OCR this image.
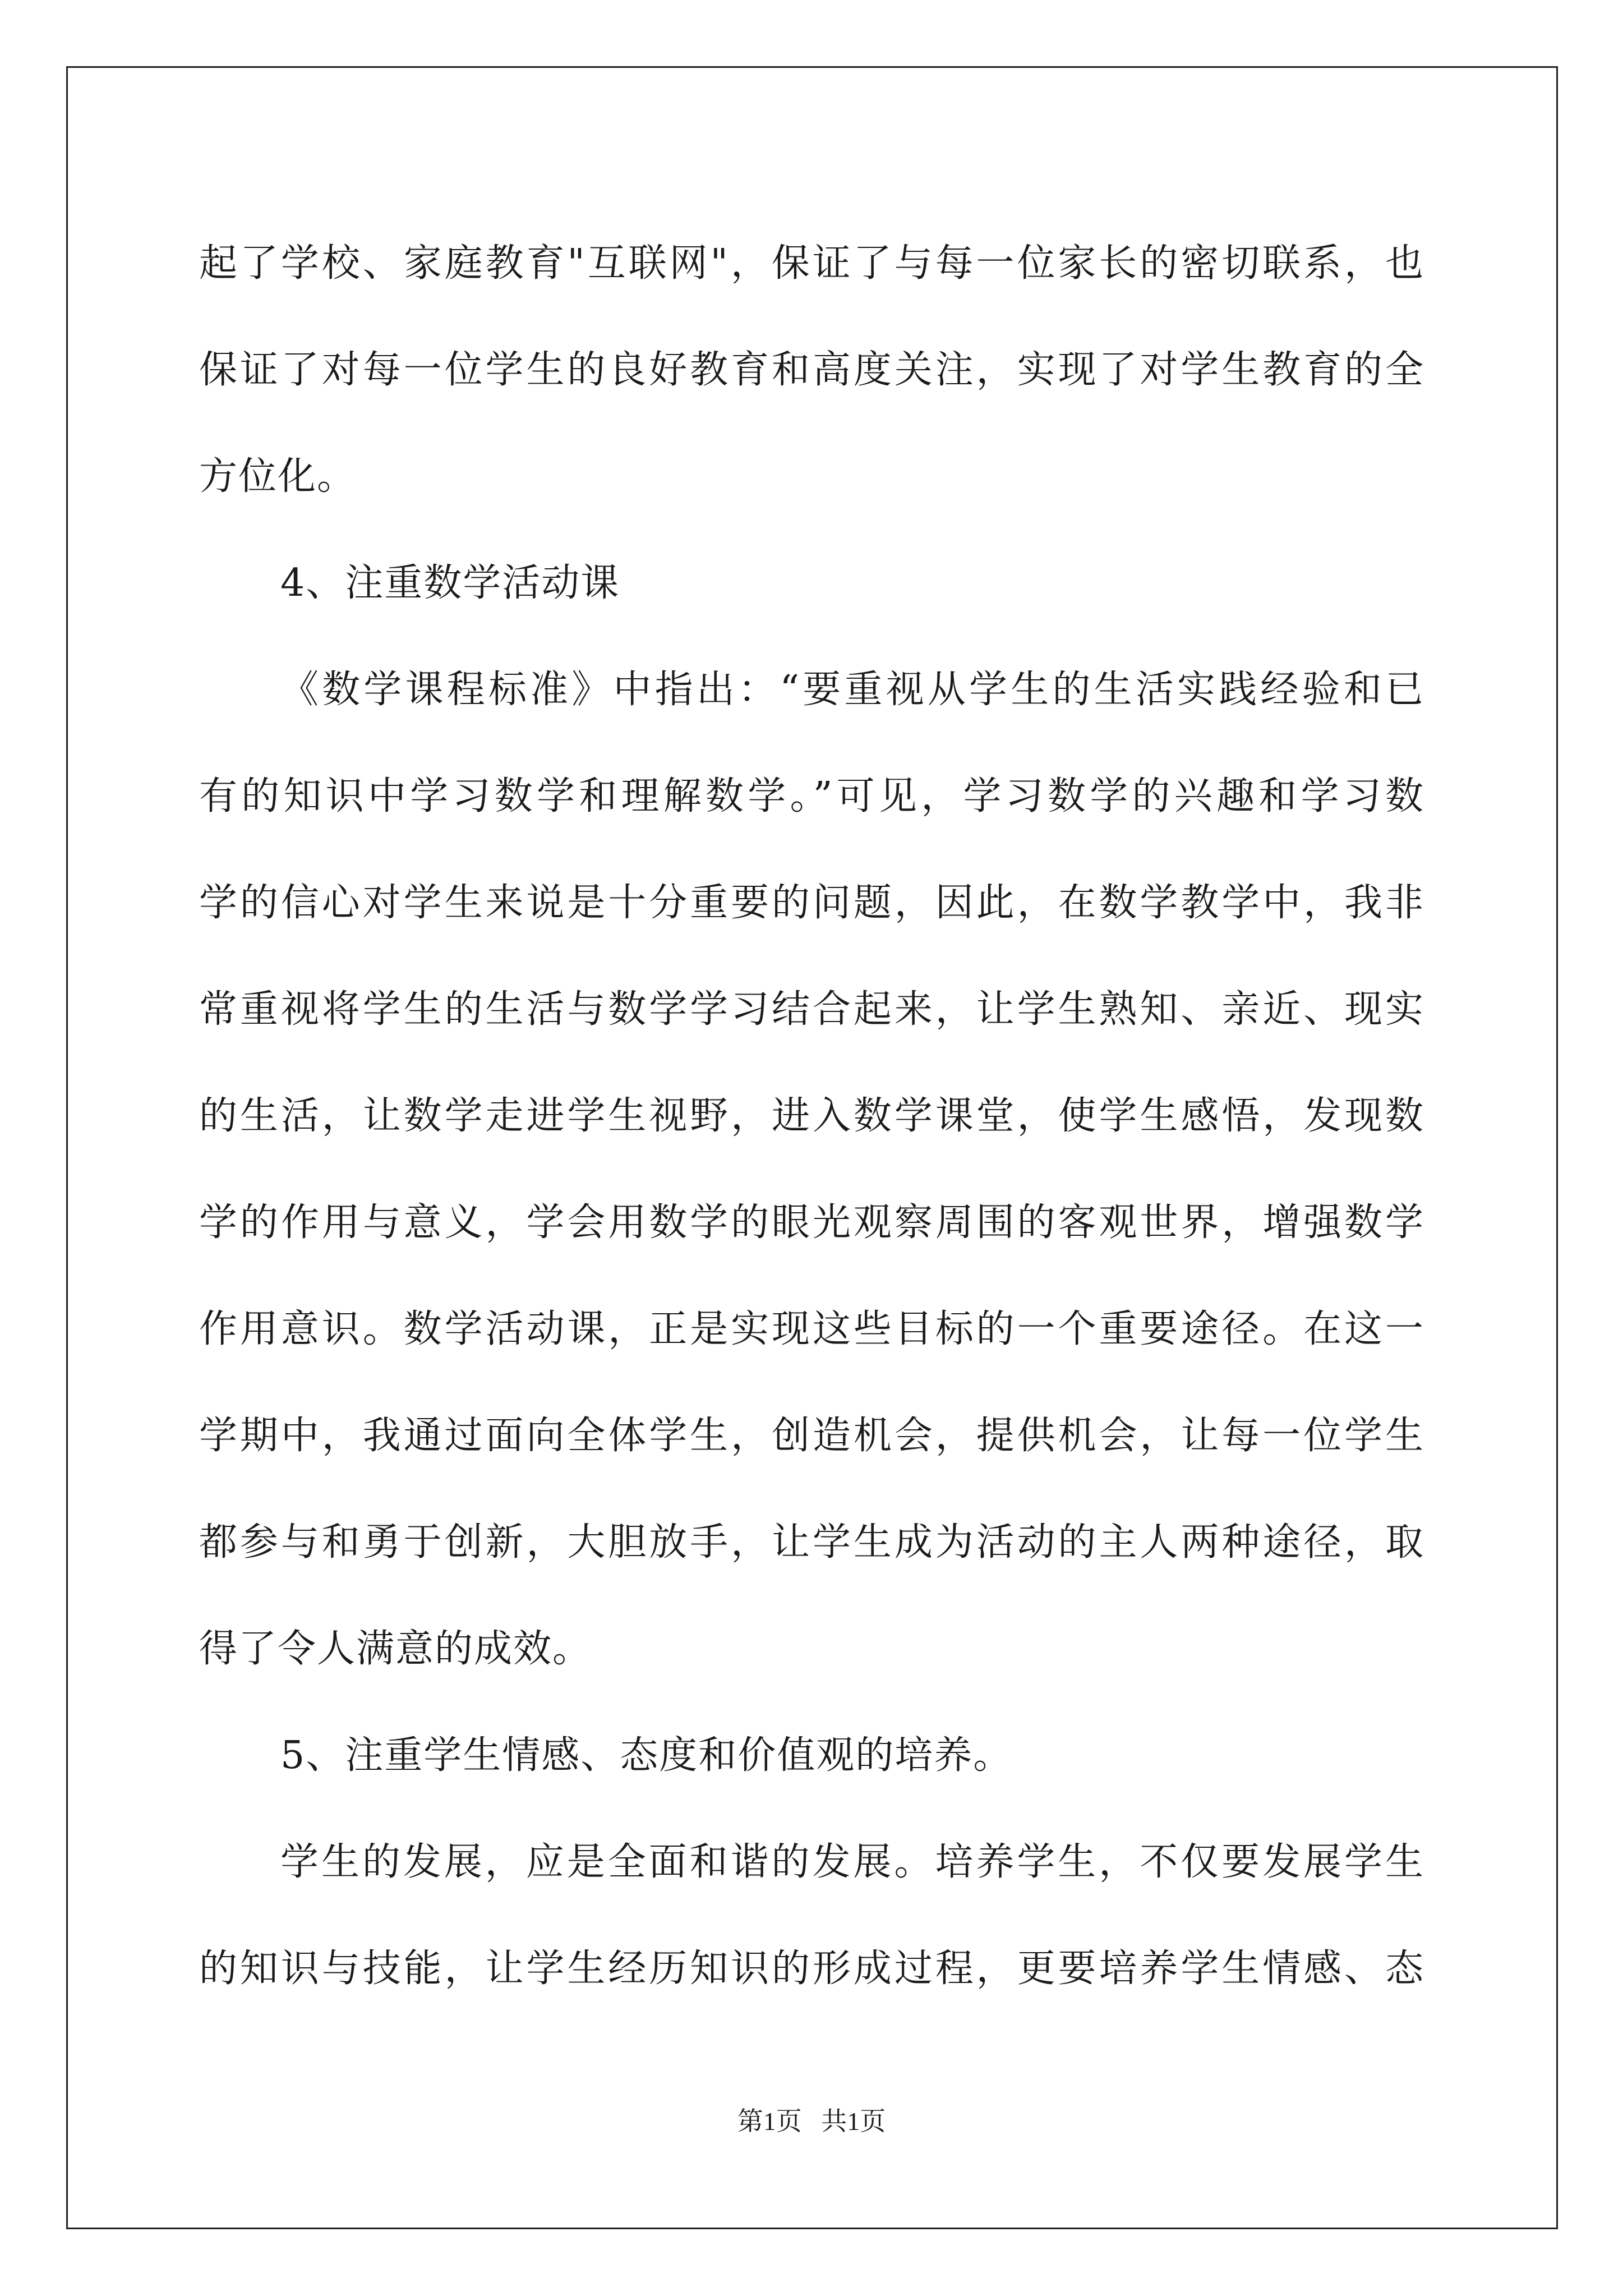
起了学校、家庭教育"互联网"，保证了与每一位家长的密切联系，也
保证了对每一位学生的良好教育和高度关注，实现了对学生教育的全
方位化。
4、注重数学活动课
《数学课程标准》中指出：“要重视从学生的生活实践经验和已
有的知识中学习数学和理解数学。”可见，学习数学的兴趣和学习数
学的信心对学生来说是十分重要的问题，因此，在数学教学中，我非
常重视将学生的生活与数学学习结合起来，让学生熟知、亲近、现实
的生活，让数学走进学生视野，进入数学课堂，使学生感悟，发现数
学的作用与意义，学会用数学的眼光观察周围的客观世界，增强数学
作用意识。数学活动课，正是实现这些目标的一个重要途径。在这一
学期中，我通过面向全体学生，创造机会，提供机会，让每一位学生
都参与和勇于创新，大胆放手，让学生成为活动的主人两种途径，取
得了令人满意的成效。
5、注重学生情感、态度和价值观的培养。
学生的发展，应是全面和谐的发展。培养学生，不仅要发展学生
的知识与技能，让学生经历知识的形成过程，更要培养学生情感、态
第1页   共1页
